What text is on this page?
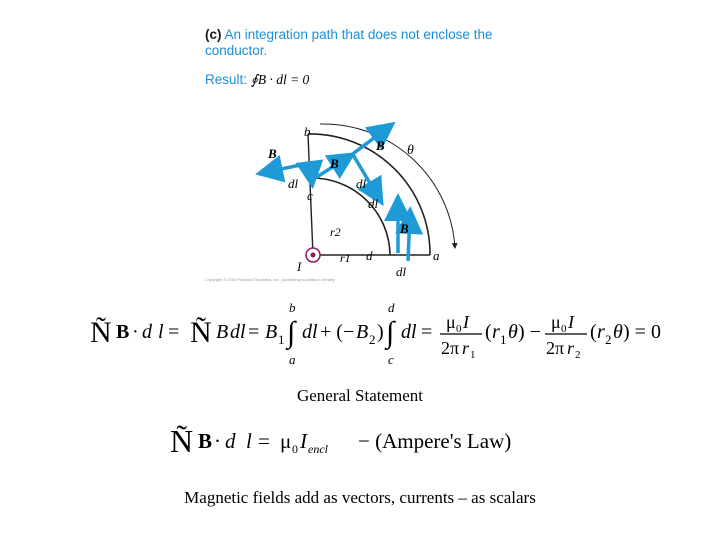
(c) An integration path that does not enclose the conductor.
Result: ∮B · dl = 0
b
c
d	a
θ
r2
r1
I
B
B
B
B
dl	dl
dl
dl
Copyright © 2004 Pearson Education, Inc., publishing as Addison Wesley
Ñ B · d l = Ñ B dl = B 1 ∫
b
a
dl + (− B 2 ) ∫
d
c
dl = μ 0 I
2π r 1
( r 1 θ ) − μ 0 I
2π r 2
( r 2 θ ) = 0
General Statement
Ñ B · d l = μ 0 I encl − (Ampere's Law)
Magnetic fields add as vectors, currents – as scalars
